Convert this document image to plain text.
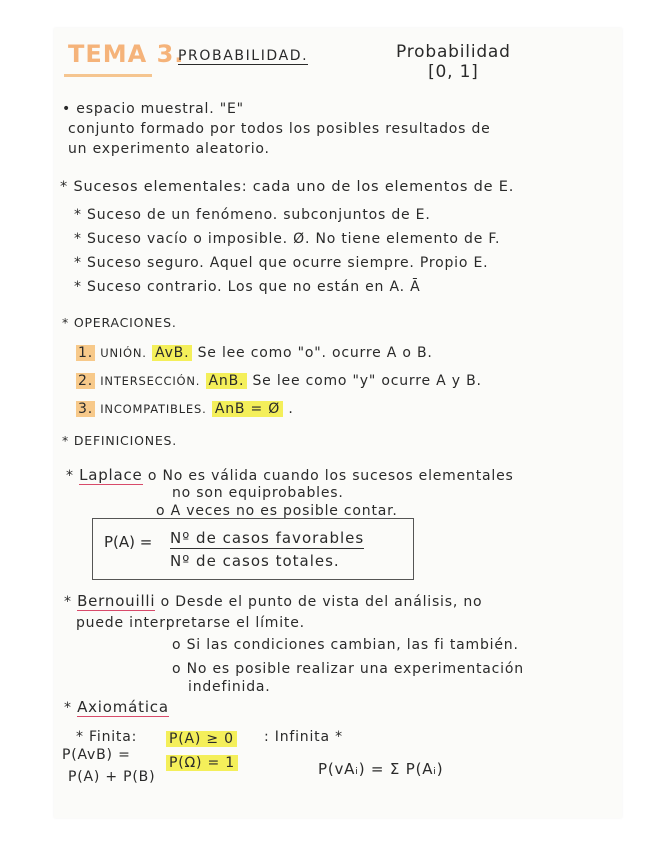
TEMA 3.
PROBABILIDAD.	Probabilidad
[0, 1]
• espacio muestral. "E"
conjunto formado por todos los posibles resultados de
un experimento aleatorio.
* Sucesos elementales: cada uno de los elementos de E.
* Suceso de un fenómeno. subconjuntos de E.
* Suceso vacío o imposible. Ø. No tiene elemento de F.
* Suceso seguro. Aquel que ocurre siempre. Propio E.
* Suceso contrario. Los que no están en A. Ā
* OPERACIONES.
1. UNIÓN. AvB. Se lee como "o". ocurre A o B.
2. INTERSECCIÓN. AnB. Se lee como "y" ocurre A y B.
3. INCOMPATIBLES. AnB = Ø .
* DEFINICIONES.
* Laplace o No es válida cuando los sucesos elementales
no son equiprobables.
o A veces no es posible contar.
P(A) = Nº de casos favorables
Nº de casos totales.
* Bernouilli o Desde el punto de vista del análisis, no
puede interpretarse el límite.
o Si las condiciones cambian, las fi también.
o No es posible realizar una experimentación
indefinida.
* Axiomática
* Finita: P(A) ≥ 0 : Infinita *
P(AvB) =	P(Ω) = 1
P(A) + P(B)	P(vAᵢ) = Σ P(Aᵢ)
